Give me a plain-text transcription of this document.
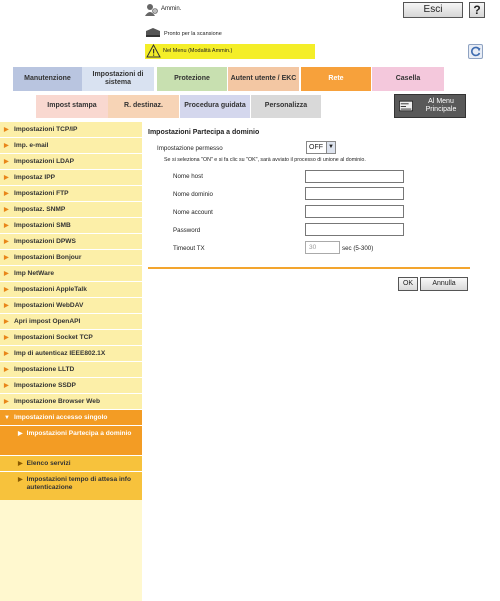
Ammin.	Esci	?
Pronto per la scansione
Nel Menu (Modalità Ammin.)
Manutenzione
Impostazioni di sistema
Protezione	Autent utente / EKC	Rete	Casella
Impost stampa	R. destinaz.	Procedura guidata	Personalizza
Al Menu Principale
▶ Impostazioni TCP/IP
▶ Imp. e-mail
▶ Impostazioni LDAP
▶ Impostaz IPP
▶ Impostazioni FTP
▶ Impostaz. SNMP
▶ Impostazioni SMB
▶ Impostazioni DPWS
▶ Impostazioni Bonjour
▶ Imp NetWare
▶ Impostazioni AppleTalk
▶ Impostazioni WebDAV
▶ Apri impost OpenAPI
▶ Impostazioni Socket TCP
▶ Imp di autenticaz IEEE802.1X
▶ Impostazione LLTD
▶ Impostazione SSDP
▶ Impostazione Browser Web
▼ Impostazioni accesso singolo
▶ Impostazioni Partecipa a dominio
▶ Elenco servizi
▶ Impostazioni tempo di attesa info autenticazione
Impostazioni Partecipa a dominio
Impostazione permesso	OFF ▼
Se si seleziona "ON" e si fa clic su "OK", sarà avviato il processo di unione al dominio.
Nome host
Nome dominio
Nome account
Password
Timeout TX	30	sec (5-300)
OK	Annulla
